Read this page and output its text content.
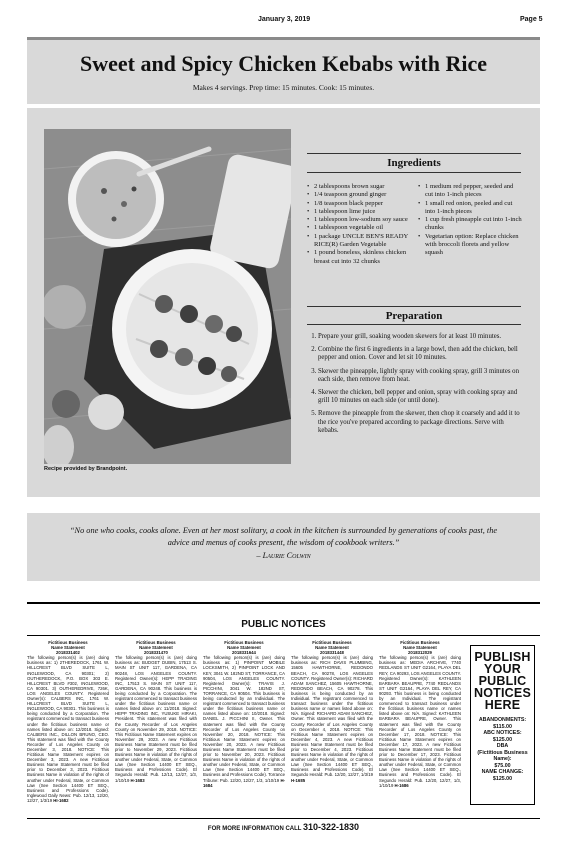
January 3, 2019	Page 5
Sweet and Spicy Chicken Kebabs with Rice
Makes 4 servings. Prep time: 15 minutes. Cook: 15 minutes.
Recipe provided by Brandpoint.
Ingredients
• 2 tablespoons brown sugar
• 1/4 teaspoon ground ginger
• 1/8 teaspoon black pepper
• 1 tablespoon lime juice
• 1 tablespoon low-sodium soy sauce
• 1 tablespoon vegetable oil
• 1 package UNCLE BEN'S READY RICE(R) Garden Vegetable
• 1 pound boneless, skinless chicken breast cut into 32 chunks
• 1 medium red pepper, seeded and cut into 1-inch pieces
• 1 small red onion, peeled and cut into 1-inch pieces
• 1 cup fresh pineapple cut into 1-inch chunks
• Vegetarian option: Replace chicken with broccoli florets and yellow squash
Preparation
1. Prepare your grill, soaking wooden skewers for at least 10 minutes.
2. Combine the first 6 ingredients in a large bowl, then add the chicken, bell pepper and onion. Cover and let sit 10 minutes.
3. Skewer the pineapple, lightly spray with cooking spray, grill 3 minutes on each side, then remove from heat.
4. Skewer the chicken, bell pepper and onion, spray with cooking spray and grill 10 minutes on each side (or until done).
5. Remove the pineapple from the skewer, then chop it coarsely and add it to the rice you've prepared according to package directions. Serve with kebabs.
“No one who cooks, cooks alone. Even at her most solitary, a cook in the kitchen is surrounded by generations of cooks past, the advice and menus of cooks present, the wisdom of cookbook writers.”
– Laurie Colwin
PUBLIC NOTICES
Fictitious Business
Name Statement
2018331402
The following person(s) is (are) doing business as: 1) 2THEREDOCK, 1761 W. HILLCREST BLVD SUITE L, INGLEWOOD, CA 90301; 2) OUTHEREDOCK, P.O. BOX 303 E. HILLCREST BLVD #302, INGLEWOOD, CA 90301. 3) OUTHEREDRIVE, 726K, LOS ANGELES COUNTY. Registered Owner(s): CALBERS INC, 1761 W. HILLCREST BLVD SUITE L, INGLEWOOD, CA 90301. This business is being conducted by a Corporation. The registrant commenced to transact business under the fictitious business name or names listed above on: 12/2018. Signed: CALBERS INC., DILLON BRUNO, CEO. This statement was filed with the County Recorder of Los Angeles County on December 3, 2018. NOTICE: This Fictitious Name Statement expires on December 3, 2023. A new Fictitious Business Name Statement must be filed prior to December 3, 2023. Fictitious Business Name in violation of the rights of another under Federal, State, or Common Law (See Section 14400 ET SEQ., Business and Professions Code). Inglewood Daily News: Pub. 12/13, 12/20, 12/27, 1/3/19 HI-1682
Fictitious Business
Name Statement
2018331470
The following person(s) is (are) doing business as: BUDGET DUBIN, 17513 S. MAIN ST UNIT 117, GARDENA, CA 90248, LOS ANGELES COUNTY. Registered Owner(s): HEPP TRADING INC, 17513 S. MAIN ST UNIT 117, GARDENA, CA 90248. This business is being conducted by a Corporation. The registrant commenced to transact business under the fictitious business name or names listed above on: 11/2018. Signed: HEPP TRADING INC, YUSUKE HIRAKI, President. This statement was filed with the County Recorder of Los Angeles County on November 29, 2018. NOTICE: This Fictitious Name Statement expires on November 29, 2023. A new Fictitious Business Name Statement must be filed prior to November 29, 2023. Fictitious Business Name in violation of the rights of another under Federal, State, or Common Law (See Section 14400 ET SEQ., Business and Professions Code). El Segundo Herald: Pub. 12/13, 12/27, 1/3, 1/10/19 H-1683
Fictitious Business
Name Statement
2018331644
The following person(s) is (are) doing business as: 1) PINPOINT MOBILE LOCKSMITH, 2) PINPOINT LOCK AND KEY, 3041 W. 182ND ST, TORRANCE, CA 90504, LOS ANGELES COUNTY. Registered Owner(s): TRAVIS J. PICCHINI, 3041 W. 182ND ST, TORRANCE, CA 90504. This business is being conducted by an Individual. The registrant commenced to transact business under the fictitious business name or names listed above on: 10/2018. Signed: DANIEL J. PICCHINI II, Owner. This statement was filed with the County Recorder of Los Angeles County on November 20, 2018. NOTICE: This Fictitious Name Statement expires on November 20, 2023. A new Fictitious Business Name Statement must be filed prior to November 20, 2023. Fictitious Business Name in violation of the rights of another under Federal, State, or Common Law (See Section 14400 ET SEQ., Business and Professions Code). Torrance Tribune: Pub. 12/20, 12/27, 1/3, 1/10/19 H-1684
Fictitious Business
Name Statement
2018331448
The following person(s) is (are) doing business as: RICH DAVIS PLUMBING, 15605 HAWTHORNE, REDONDO BEACH, CA 90278, LOS ANGELES COUNTY. Registered Owner(s): RICHARD ADAM SANCHEZ, 15605 HAWTHORNE, REDONDO BEACH, CA 90278. This business is being conducted by an Individual. The registrant commenced to transact business under the fictitious business name or names listed above on: N/A. Signed: RICHARD ADAM SANCHEZ, Owner. This statement was filed with the County Recorder of Los Angeles County on December 4, 2018. NOTICE: This Fictitious Name Statement expires on December 4, 2023. A new Fictitious Business Name Statement must be filed prior to December 4, 2023. Fictitious Business Name in violation of the rights of another under Federal, State, or Common Law (See Section 14400 ET SEQ., Business and Professions Code). El Segundo Herald: Pub. 12/20, 12/27, 1/3/19 H-1685
Fictitious Business
Name Statement
2018312029
The following person(s) is (are) doing business as: MEDIA ARCHIVE, 7740 REDLANDS ST UNIT G2164, PLAYA DEL REY, CA 90293, LOS ANGELES COUNTY. Registered Owner(s): KATHLEEN BARBARA BEAUPRE, 7740 REDLANDS ST UNIT G2164, PLAYA DEL REY, CA 90293. This business is being conducted by an Individual. The registrant commenced to transact business under the fictitious business name or names listed above on: N/A. Signed: KATHLEEN BARBARA BEAUPRE, Owner. This statement was filed with the County Recorder of Los Angeles County on December 17, 2018. NOTICE: This Fictitious Name Statement expires on December 17, 2023. A new Fictitious Business Name Statement must be filed prior to December 17, 2023. Fictitious Business Name in violation of the rights of another under Federal, State, or Common Law (See Section 14400 ET SEQ., Business and Professions Code). El Segundo Herald: Pub. 12/20, 12/27, 1/3, 1/10/19 H-1686
PUBLISH
YOUR
PUBLIC
NOTICES
HERE
ABANDONMENTS:
$115.00
ABC NOTICES:
$125.00
DBA
(Fictitious Business Name):
$75.00
NAME CHANGE:
$125.00
FOR MORE INFORMATION CALL 310-322-1830
